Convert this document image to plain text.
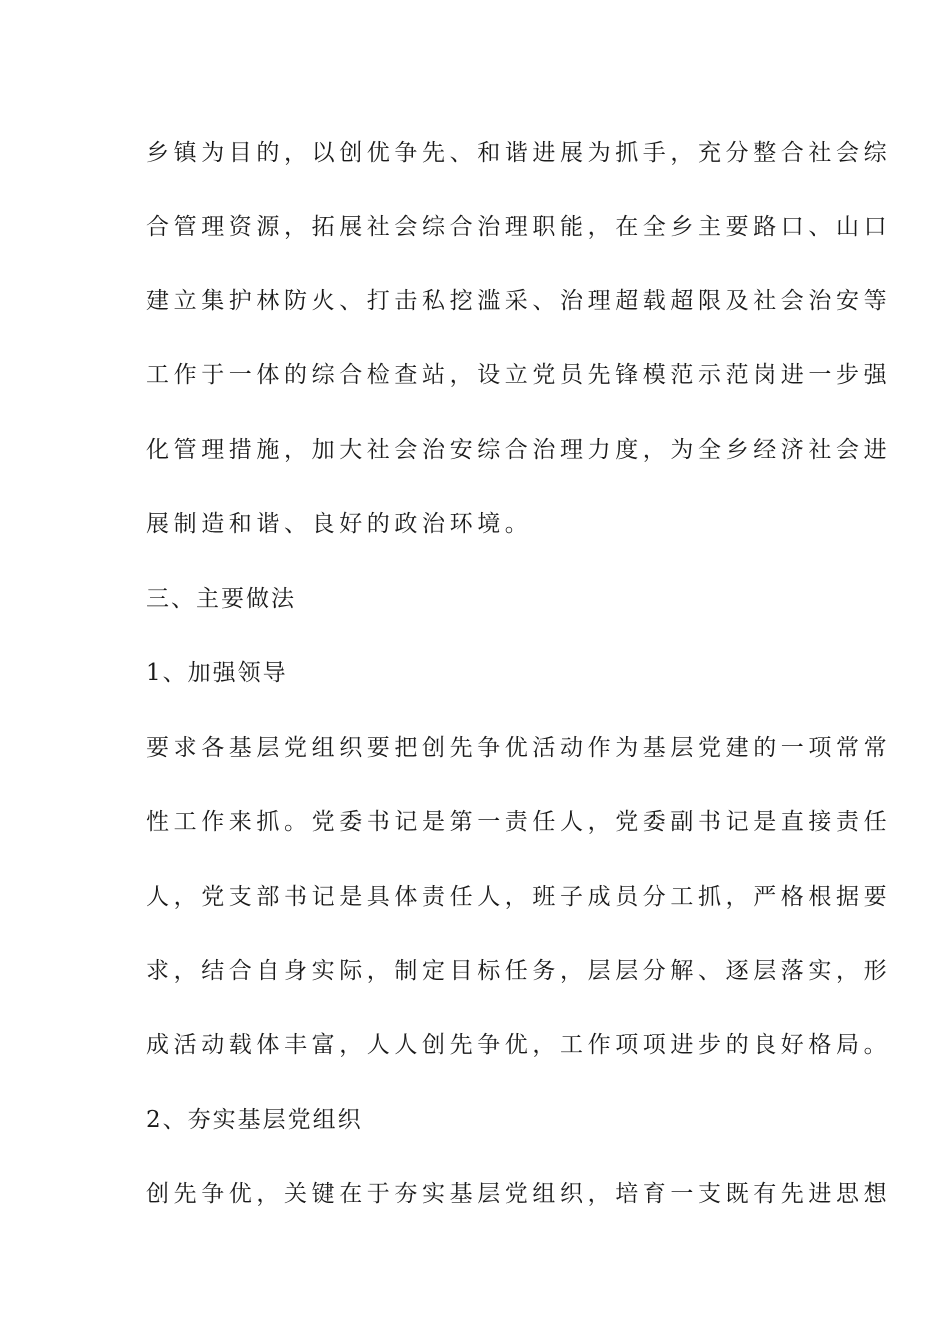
乡镇为目的，以创优争先、和谐进展为抓手，充分整合社会综
合管理资源，拓展社会综合治理职能，在全乡主要路口、山口
建立集护林防火、打击私挖滥采、治理超载超限及社会治安等
工作于一体的综合检查站，设立党员先锋模范示范岗进一步强
化管理措施，加大社会治安综合治理力度，为全乡经济社会进
展制造和谐、良好的政治环境。
三、主要做法
1、加强领导
要求各基层党组织要把创先争优活动作为基层党建的一项常常
性工作来抓。党委书记是第一责任人，党委副书记是直接责任
人，党支部书记是具体责任人，班子成员分工抓，严格根据要
求，结合自身实际，制定目标任务，层层分解、逐层落实，形
成活动载体丰富，人人创先争优，工作项项进步的良好格局。
2、夯实基层党组织
创先争优，关键在于夯实基层党组织，培育一支既有先进思想
